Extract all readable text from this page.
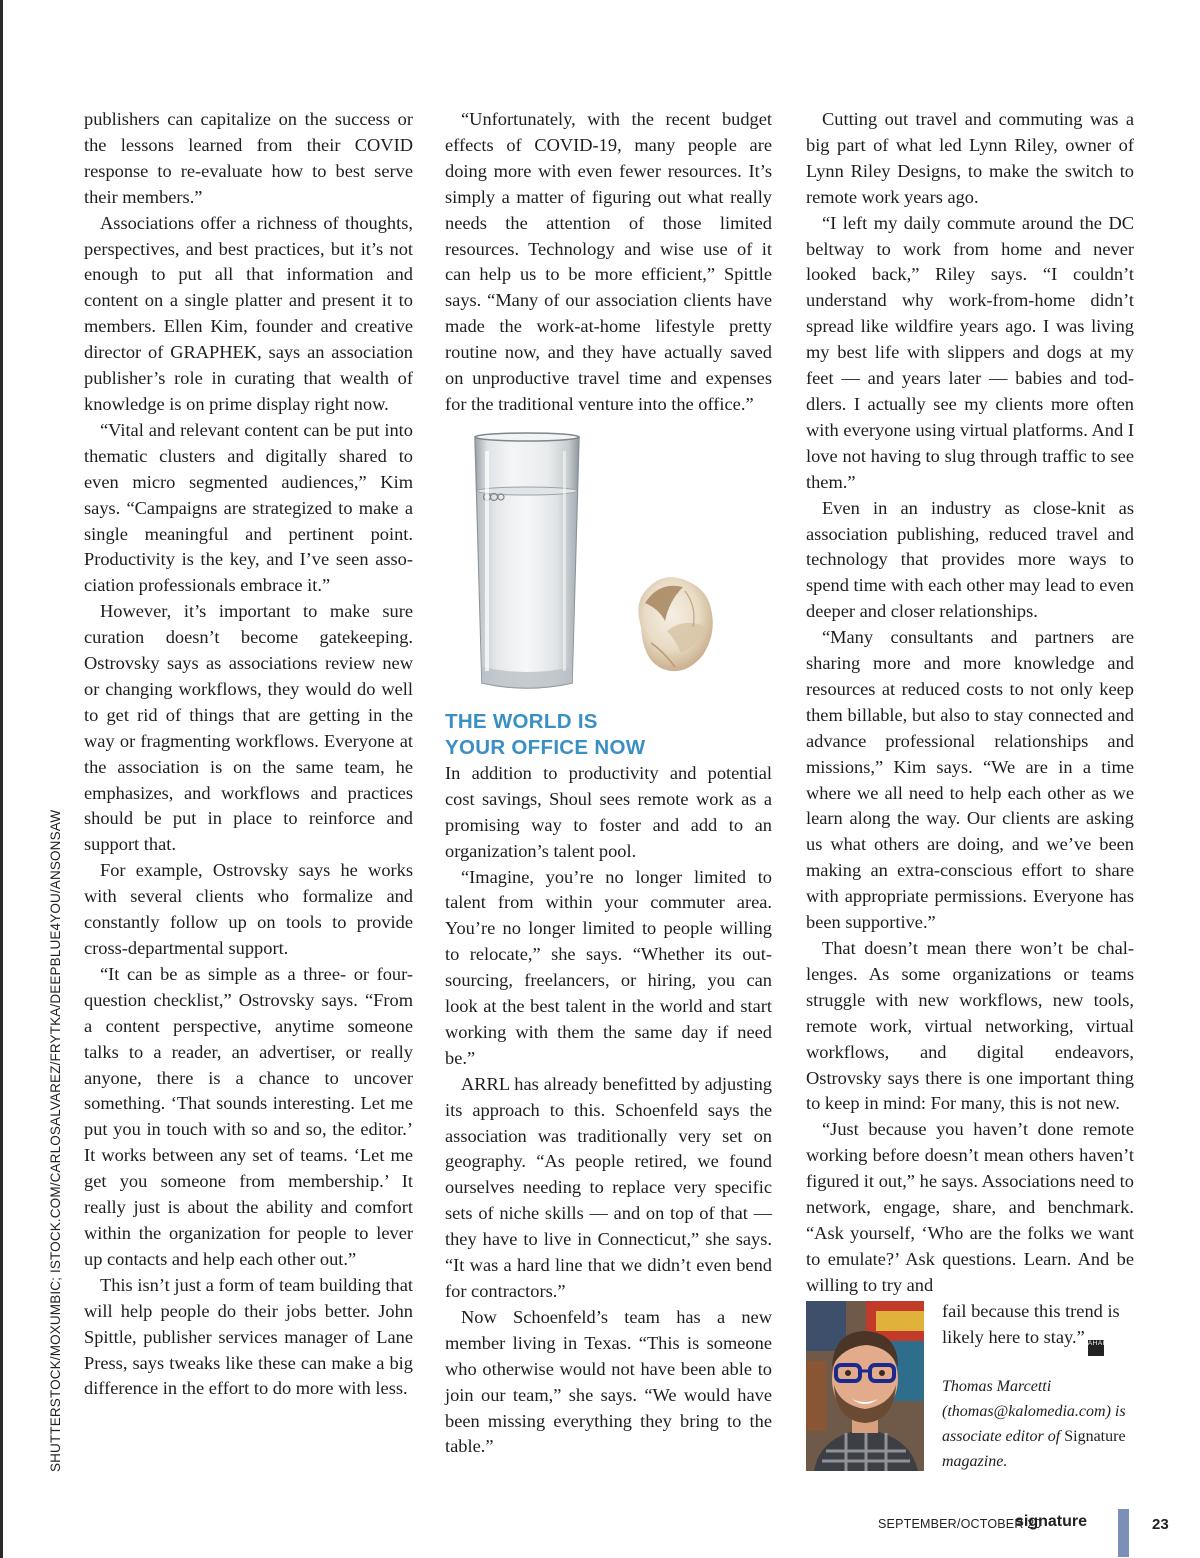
SHUTTERSTOCK/MOXUMBIC; ISTOCK.COM/CARLOSALVAREZ/FRYTKA/DEEPBLUE4YOU/ANSONSAW

publishers can capitalize on the success or the lessons learned from their COVID response to re-evaluate how to best serve their members.”

Associations offer a richness of thoughts, perspectives, and best practices, but it’s not enough to put all that information and content on a single platter and present it to members. Ellen Kim, founder and creative director of GRAPHEK, says an association publisher’s role in curating that wealth of knowledge is on prime display right now.

“Vital and relevant content can be put into thematic clusters and digitally shared to even micro segmented audiences,” Kim says. “Campaigns are strategized to make a single meaningful and pertinent point. Productivity is the key, and I’ve seen association professionals embrace it.”

However, it’s important to make sure curation doesn’t become gatekeeping. Ostrovsky says as associations review new or changing workflows, they would do well to get rid of things that are getting in the way or fragmenting workflows. Everyone at the association is on the same team, he emphasizes, and workflows and practices should be put in place to reinforce and support that.

For example, Ostrovsky says he works with several clients who formalize and constantly follow up on tools to provide cross-departmental support.

“It can be as simple as a three- or four-question checklist,” Ostrovsky says. “From a content perspective, anytime someone talks to a reader, an advertiser, or really anyone, there is a chance to uncover something. ‘That sounds interesting. Let me put you in touch with so and so, the editor.’ It works between any set of teams. ‘Let me get you someone from membership.’ It really just is about the ability and comfort within the organization for people to lever up contacts and help each other out.”

This isn’t just a form of team building that will help people do their jobs better. John Spittle, publisher services manager of Lane Press, says tweaks like these can make a big difference in the effort to do more with less.

“Unfortunately, with the recent budget effects of COVID-19, many people are doing more with even fewer resources. It’s simply a matter of figuring out what really needs the attention of those limited resources. Technology and wise use of it can help us to be more efficient,” Spittle says. “Many of our association clients have made the work-at-home lifestyle pretty routine now, and they have actually saved on unproductive travel time and expenses for the traditional venture into the office.”

THE WORLD IS
YOUR OFFICE NOW

In addition to productivity and potential cost savings, Shoul sees remote work as a promising way to foster and add to an organization’s talent pool.

“Imagine, you’re no longer limited to talent from within your commuter area. You’re no longer limited to people willing to relocate,” she says. “Whether its outsourcing, freelancers, or hiring, you can look at the best talent in the world and start working with them the same day if need be.”

ARRL has already benefitted by adjusting its approach to this. Schoenfeld says the association was traditionally very set on geography. “As people retired, we found ourselves needing to replace very specific sets of niche skills — and on top of that — they have to live in Connecticut,” she says. “It was a hard line that we didn’t even bend for contractors.”

Now Schoenfeld’s team has a new member living in Texas. “This is someone who otherwise would not have been able to join our team,” she says. “We would have been missing everything they bring to the table.”

Cutting out travel and commuting was a big part of what led Lynn Riley, owner of Lynn Riley Designs, to make the switch to remote work years ago.

“I left my daily commute around the DC beltway to work from home and never looked back,” Riley says. “I couldn’t understand why work-from-home didn’t spread like wildfire years ago. I was living my best life with slippers and dogs at my feet — and years later — babies and toddlers. I actually see my clients more often with everyone using virtual platforms. And I love not having to slug through traffic to see them.”

Even in an industry as close-knit as association publishing, reduced travel and technology that provides more ways to spend time with each other may lead to even deeper and closer relationships.

“Many consultants and partners are sharing more and more knowledge and resources at reduced costs to not only keep them billable, but also to stay connected and advance professional relationships and missions,” Kim says. “We are in a time where we all need to help each other as we learn along the way. Our clients are asking us what others are doing, and we’ve been making an extra-conscious effort to share with appropriate permissions. Everyone has been supportive.”

That doesn’t mean there won’t be challenges. As some organizations or teams struggle with new workflows, new tools, remote work, virtual networking, virtual workflows, and digital endeavors, Ostrovsky says there is one important thing to keep in mind: For many, this is not new.

“Just because you haven’t done remote working before doesn’t mean others haven’t figured it out,” he says. Associations need to network, engage, share, and benchmark. “Ask yourself, ‘Who are the folks we want to emulate?’ Ask questions. Learn. And be willing to try and

fail because this trend is likely here to stay.” AHAP

Thomas Marcetti (thomas@kalomedia.com) is associate editor of Signature magazine.

SEPTEMBER/OCTOBER 20
signature	23
